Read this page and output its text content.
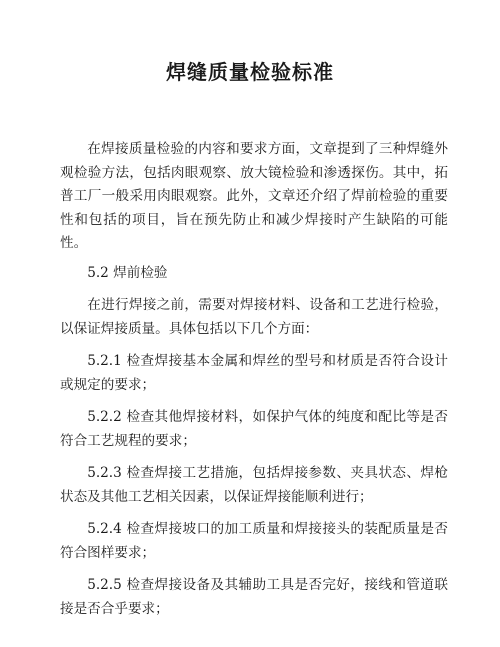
焊缝质量检验标准

在焊接质量检验的内容和要求方面，文章提到了三种焊缝外观检验方法，包括肉眼观察、放大镜检验和渗透探伤。其中，拓普工厂一般采用肉眼观察。此外，文章还介绍了焊前检验的重要性和包括的项目，旨在预先防止和减少焊接时产生缺陷的可能性。

5.2 焊前检验

在进行焊接之前，需要对焊接材料、设备和工艺进行检验，以保证焊接质量。具体包括以下几个方面：

5.2.1 检查焊接基本金属和焊丝的型号和材质是否符合设计或规定的要求；

5.2.2 检查其他焊接材料，如保护气体的纯度和配比等是否符合工艺规程的要求；

5.2.3 检查焊接工艺措施，包括焊接参数、夹具状态、焊枪状态及其他工艺相关因素，以保证焊接能顺利进行；

5.2.4 检查焊接坡口的加工质量和焊接接头的装配质量是否符合图样要求；

5.2.5 检查焊接设备及其辅助工具是否完好，接线和管道联接是否合乎要求；
